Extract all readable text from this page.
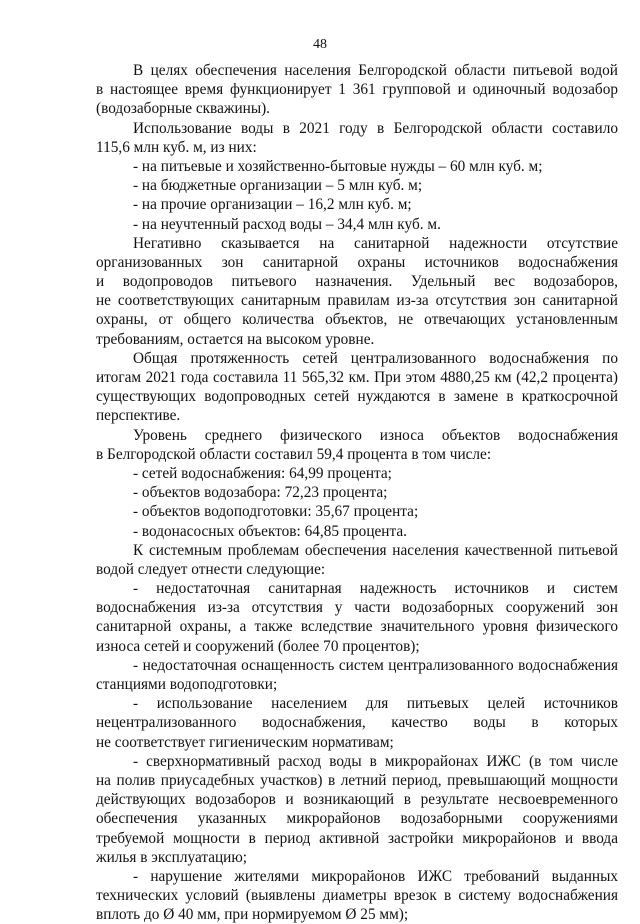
48
В целях обеспечения населения Белгородской области питьевой водой
в настоящее время функционирует 1 361 групповой и одиночный водозабор
(водозаборные скважины).
Использование воды в 2021 году в Белгородской области составило
115,6 млн куб. м, из них:
- на питьевые и хозяйственно-бытовые нужды – 60 млн куб. м;
- на бюджетные организации – 5 млн куб. м;
- на прочие организации – 16,2 млн куб. м;
- на неучтенный расход воды – 34,4 млн куб. м.
Негативно сказывается на санитарной надежности отсутствие
организованных зон санитарной охраны источников водоснабжения
и водопроводов питьевого назначения. Удельный вес водозаборов,
не соответствующих санитарным правилам из-за отсутствия зон санитарной
охраны, от общего количества объектов, не отвечающих установленным
требованиям, остается на высоком уровне.
Общая протяженность сетей централизованного водоснабжения по
итогам 2021 года составила 11 565,32 км. При этом 4880,25 км (42,2 процента)
существующих водопроводных сетей нуждаются в замене в краткосрочной
перспективе.
Уровень среднего физического износа объектов водоснабжения
в Белгородской области составил 59,4 процента в том числе:
- сетей водоснабжения: 64,99 процента;
- объектов водозабора: 72,23 процента;
- объектов водоподготовки: 35,67 процента;
- водонасосных объектов: 64,85 процента.
К системным проблемам обеспечения населения качественной питьевой
водой следует отнести следующие:
- недостаточная санитарная надежность источников и систем
водоснабжения из-за отсутствия у части водозаборных сооружений зон
санитарной охраны, а также вследствие значительного уровня физического
износа сетей и сооружений (более 70 процентов);
- недостаточная оснащенность систем централизованного водоснабжения
станциями водоподготовки;
- использование населением для питьевых целей источников
нецентрализованного водоснабжения, качество воды в которых
не соответствует гигиеническим нормативам;
- сверхнормативный расход воды в микрорайонах ИЖС (в том числе
на полив приусадебных участков) в летний период, превышающий мощности
действующих водозаборов и возникающий в результате несвоевременного
обеспечения указанных микрорайонов водозаборными сооружениями
требуемой мощности в период активной застройки микрорайонов и ввода
жилья в эксплуатацию;
- нарушение жителями микрорайонов ИЖС требований выданных
технических условий (выявлены диаметры врезок в систему водоснабжения
вплоть до Ø 40 мм, при нормируемом Ø 25 мм);
